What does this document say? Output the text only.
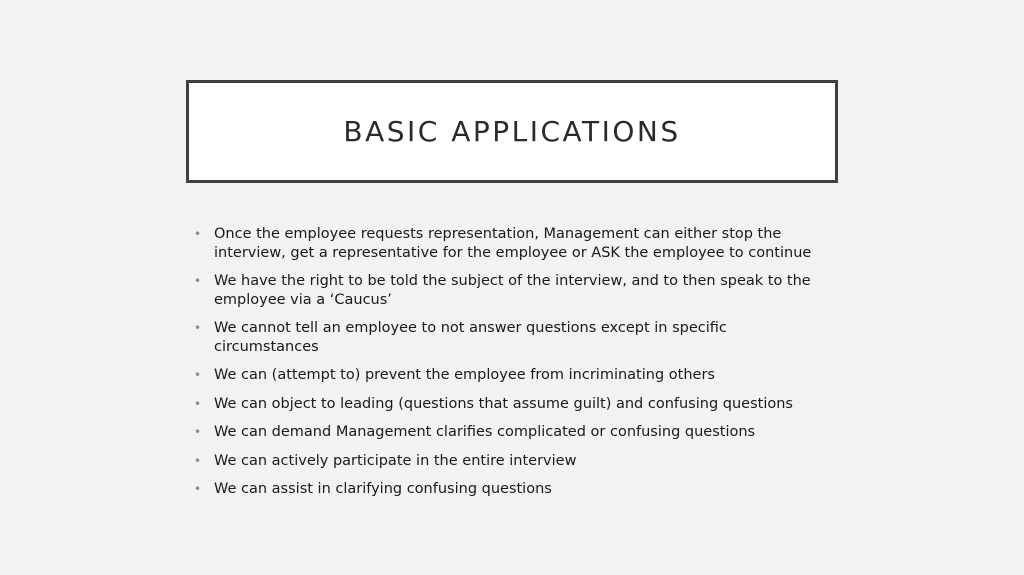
BASIC APPLICATIONS
• Once the employee requests representation, Management can either stop the interview, get a representative for the employee or ASK the employee to continue
• We have the right to be told the subject of the interview, and to then speak to the employee via a ‘Caucus’
• We cannot tell an employee to not answer questions except in specific circumstances
• We can (attempt to) prevent the employee from incriminating others
• We can object to leading (questions that assume guilt) and confusing questions
• We can demand Management clarifies complicated or confusing questions
• We can actively participate in the entire interview
• We can assist in clarifying confusing questions
